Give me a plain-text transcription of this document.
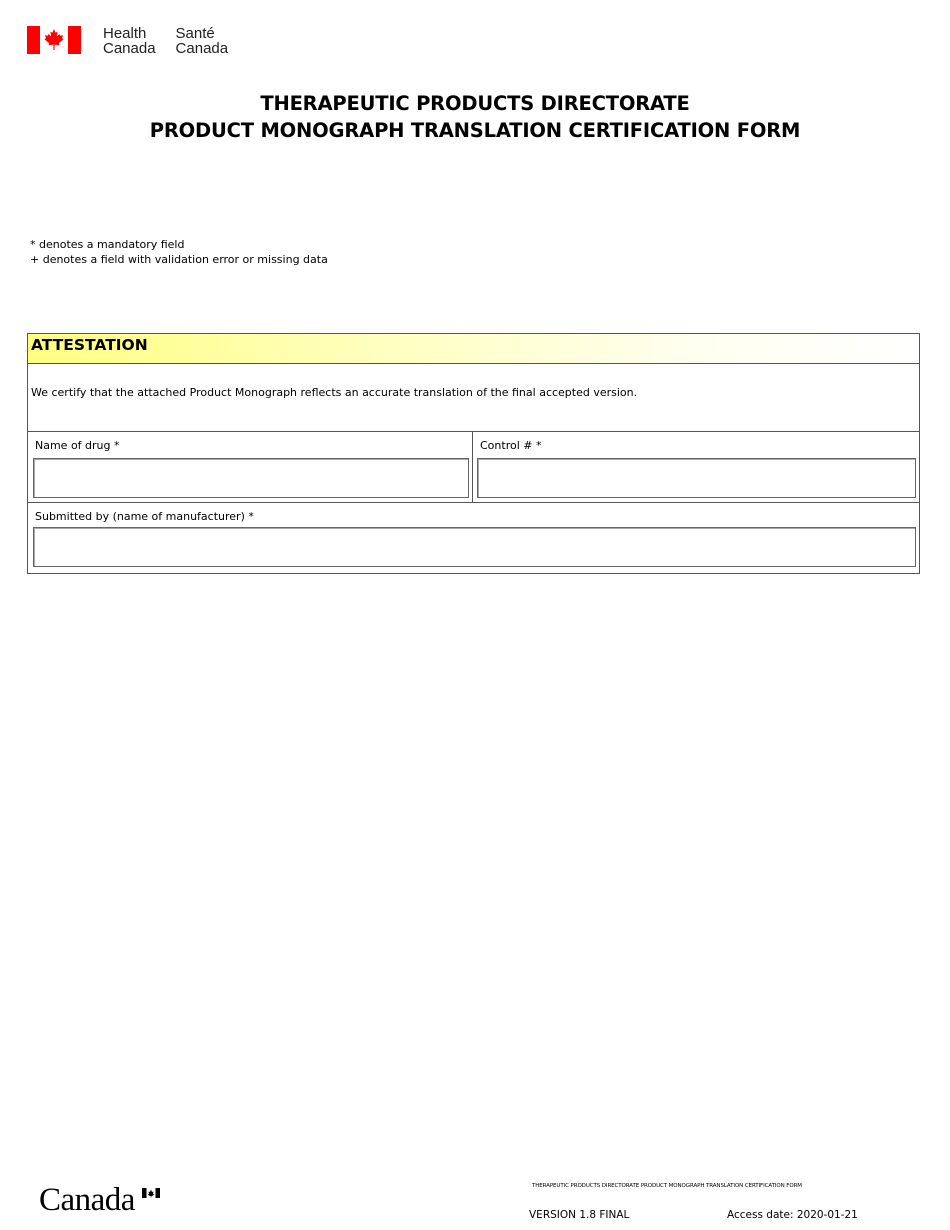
Health
Canada
Santé
Canada
THERAPEUTIC PRODUCTS DIRECTORATE
PRODUCT MONOGRAPH TRANSLATION CERTIFICATION FORM
* denotes a mandatory field
+ denotes a field with validation error or missing data
ATTESTATION
We certify that the attached Product Monograph reflects an accurate translation of the final accepted version.
Name of drug *	Control # *
Submitted by (name of manufacturer) *
Canada	THERAPEUTIC PRODUCTS DIRECTORATE PRODUCT MONOGRAPH TRANSLATION CERTIFICATION FORM
VERSION 1.8 FINAL	Access date: 2020-01-21
